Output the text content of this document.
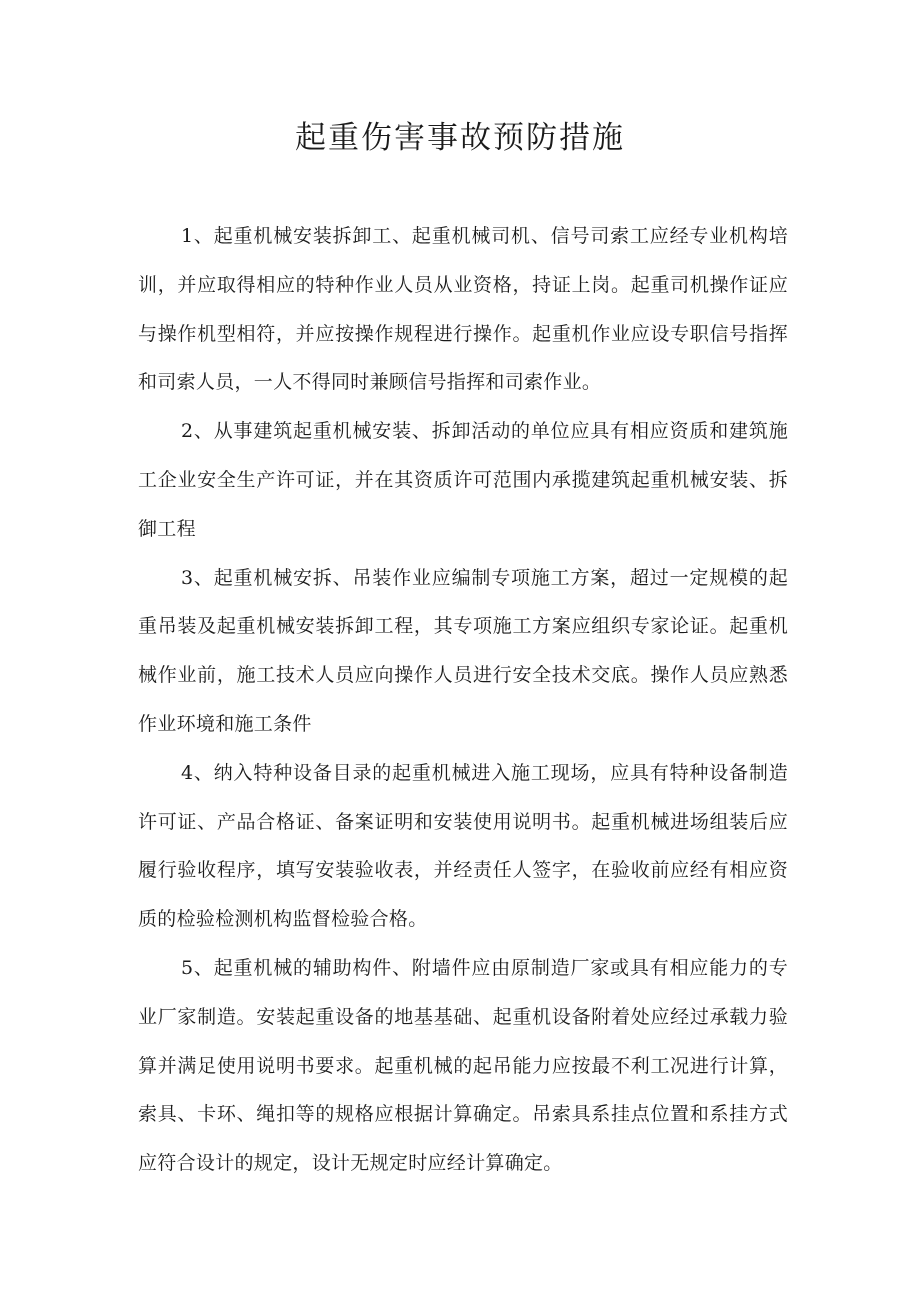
起重伤害事故预防措施

1、起重机械安装拆卸工、起重机械司机、信号司索工应经专业机构培训，并应取得相应的特种作业人员从业资格，持证上岗。起重司机操作证应与操作机型相符，并应按操作规程进行操作。起重机作业应设专职信号指挥和司索人员，一人不得同时兼顾信号指挥和司索作业。

2、从事建筑起重机械安装、拆卸活动的单位应具有相应资质和建筑施工企业安全生产许可证，并在其资质许可范围内承揽建筑起重机械安装、拆御工程

3、起重机械安拆、吊装作业应编制专项施工方案，超过一定规模的起重吊装及起重机械安装拆卸工程，其专项施工方案应组织专家论证。起重机械作业前，施工技术人员应向操作人员进行安全技术交底。操作人员应熟悉作业环境和施工条件

4、纳入特种设备目录的起重机械进入施工现场，应具有特种设备制造许可证、产品合格证、备案证明和安装使用说明书。起重机械进场组装后应履行验收程序，填写安装验收表，并经责任人签字，在验收前应经有相应资质的检验检测机构监督检验合格。

5、起重机械的辅助构件、附墙件应由原制造厂家或具有相应能力的专业厂家制造。安装起重设备的地基基础、起重机设备附着处应经过承载力验算并满足使用说明书要求。起重机械的起吊能力应按最不利工况进行计算，索具、卡环、绳扣等的规格应根据计算确定。吊索具系挂点位置和系挂方式应符合设计的规定，设计无规定时应经计算确定。
